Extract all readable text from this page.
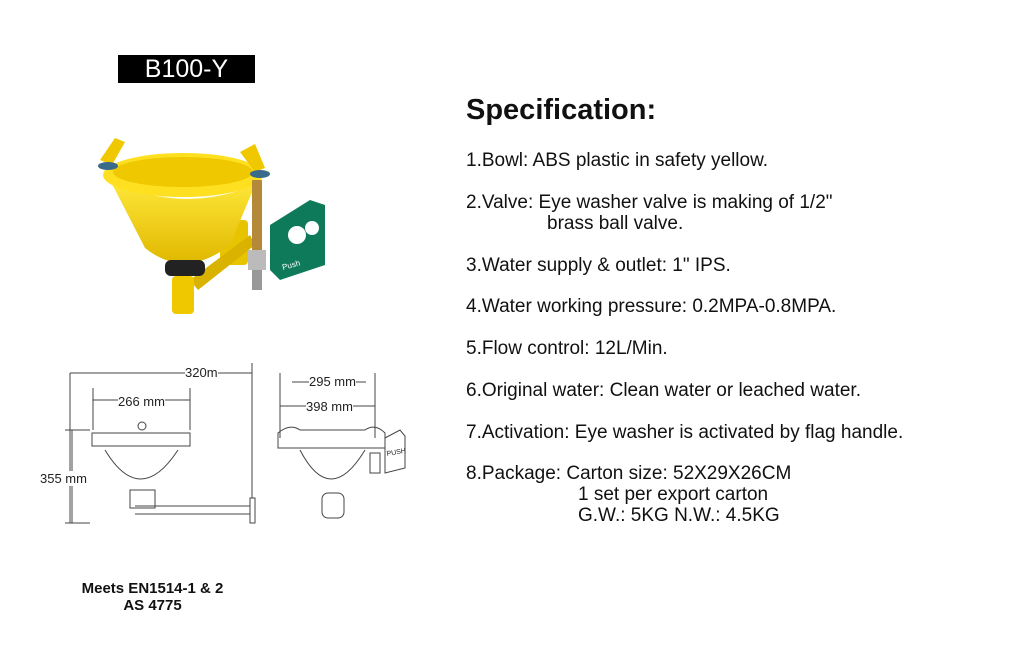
B100-Y
Push
320m
266 mm
355 mm
PUSH
295 mm
398 mm
Meets EN1514-1 & 2
AS 4775
Specification:
1.Bowl: ABS plastic in safety yellow.
2.Valve: Eye washer valve is making of 1/2"
brass ball valve.
3.Water supply & outlet: 1" IPS.
4.Water working pressure: 0.2MPA-0.8MPA.
5.Flow control: 12L/Min.
6.Original water: Clean water or leached water.
7.Activation: Eye washer is activated by flag handle.
8.Package: Carton size: 52X29X26CM
1 set per export carton
G.W.: 5KG N.W.: 4.5KG
